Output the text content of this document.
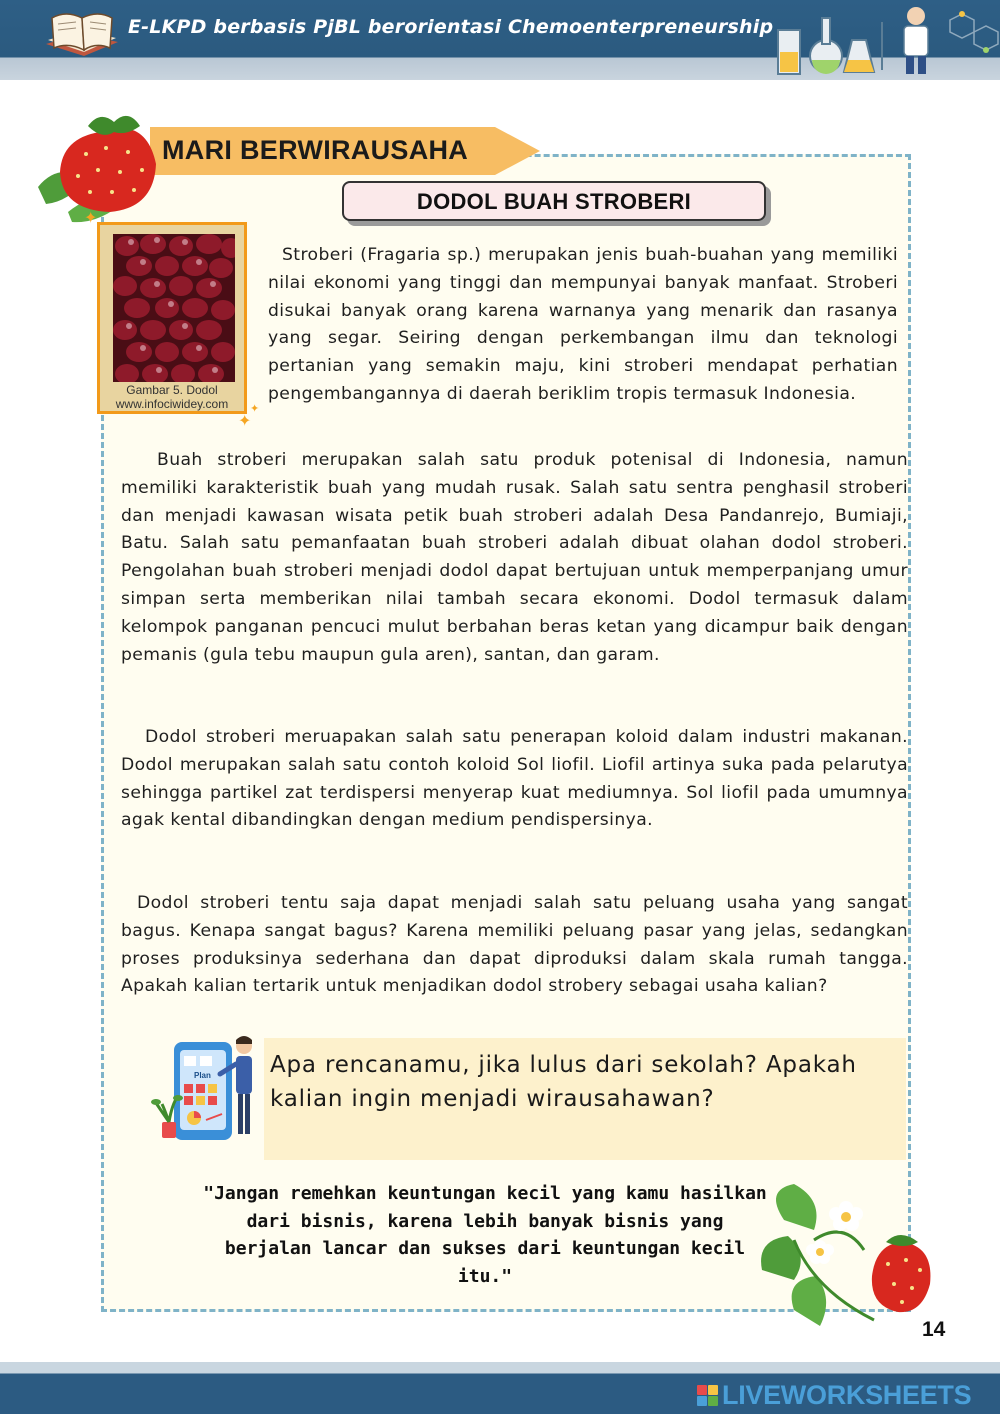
E-LKPD berbasis PjBL berorientasi Chemoenterpreneurship
MARI BERWIRAUSAHA
DODOL BUAH STROBERI
Gambar 5. Dodol
www.infociwidey.com
✦
✦
✦

Stroberi (Fragaria sp.) merupakan jenis buah-buahan yang memiliki nilai ekonomi yang tinggi dan mempunyai banyak manfaat. Stroberi disukai banyak orang karena warnanya yang menarik dan rasanya yang segar. Seiring dengan perkembangan ilmu dan teknologi pertanian yang semakin maju, kini stroberi mendapat perhatian pengembangannya di daerah beriklim tropis termasuk Indonesia.

Buah stroberi merupakan salah satu produk potenisal di Indonesia, namun memiliki karakteristik buah yang mudah rusak. Salah satu sentra penghasil stroberi dan menjadi kawasan wisata petik buah stroberi adalah Desa Pandanrejo, Bumiaji, Batu. Salah satu pemanfaatan buah stroberi adalah dibuat olahan dodol stroberi. Pengolahan buah stroberi menjadi dodol dapat bertujuan untuk memperpanjang umur simpan serta memberikan nilai tambah secara ekonomi. Dodol termasuk dalam kelompok panganan pencuci mulut berbahan beras ketan yang dicampur baik dengan pemanis (gula tebu maupun gula aren), santan, dan garam.

Dodol stroberi meruapakan salah satu penerapan koloid dalam industri makanan. Dodol merupakan salah satu contoh koloid Sol liofil. Liofil artinya suka pada pelarutya sehingga partikel zat terdispersi menyerap kuat mediumnya. Sol liofil pada umumnya agak kental dibandingkan dengan medium pendispersinya.

Dodol stroberi tentu saja dapat menjadi salah satu peluang usaha yang sangat bagus. Kenapa sangat bagus? Karena memiliki peluang pasar yang jelas, sedangkan proses produksinya sederhana dan dapat diproduksi dalam skala rumah tangga. Apakah kalian tertarik untuk menjadikan dodol strobery sebagai usaha kalian?

Plan	Apa rencanamu, jika lulus dari sekolah? Apakah kalian ingin menjadi wirausahawan?
"Jangan remehkan keuntungan kecil yang kamu hasilkan dari bisnis, karena lebih banyak bisnis yang berjalan lancar dan sukses dari keuntungan kecil itu."
14
LIVEWORKSHEETS
